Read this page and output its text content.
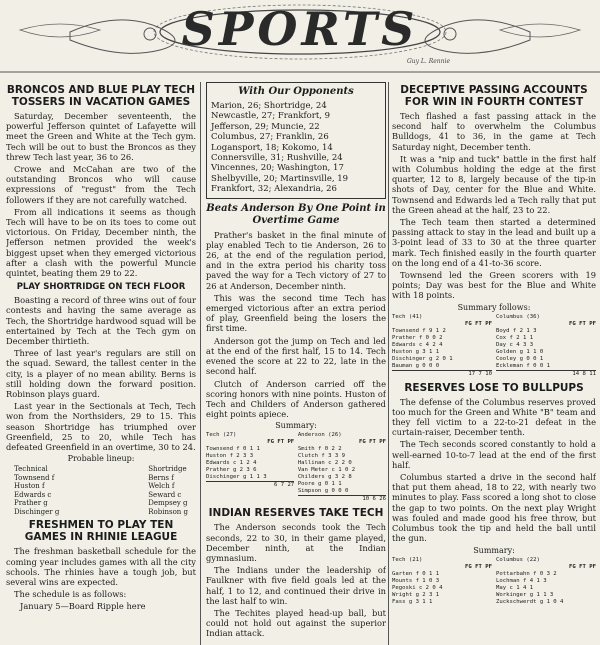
SPORTS
Guy L. Rennie
BRONCOS AND BLUE PLAY TECH TOSSERS IN VACATION GAMES

Saturday, December seventeenth, the powerful Jefferson quintet of Lafayette will meet the Green and White at the Tech gym. Tech will be out to bust the Broncos as they threw Tech last year, 36 to 26.

Crowe and McCahan are two of the outstanding Broncos who will cause expressions of "regust" from the Tech followers if they are not carefully watched.

From all indications it seems as though Tech will have to be on its toes to come out victorious. On Friday, December ninth, the Jefferson netmen provided the week's biggest upset when they emerged victorious after a clash with the powerful Muncie quintet, beating them 29 to 22.

PLAY SHORTRIDGE ON TECH FLOOR

Boasting a record of three wins out of four contests and having the same average as Tech, the Shortridge hardwood squad will be entertained by Tech at the Tech gym on December thirtieth.

Three of last year's regulars are still on the squad. Seward, the tallest center in the city, is a player of no mean ability. Berns is still holding down the forward position. Robinson plays guard.

Last year in the Sectionals at Tech, Tech won from the Northsiders, 29 to 15. This season Shortridge has triumphed over Greenfield, 25 to 20, while Tech has defeated Greenfield in an overtime, 30 to 24.

Probable lineup:
Technical
Townsend f
Huston f
Edwards c
Prather g
Dischinger g
Shortridge
Berns f
Welch f
Seward c
Dempsey g
Robinson g
FRESHMEN TO PLAY TEN GAMES IN RHINIE LEAGUE

The freshman basketball schedule for the coming year includes games with all the city schools. The rhinies have a tough job, but several wins are expected.

The schedule is as follows:

January 5—Board Ripple here
With Our Opponents
Marion, 26; Shortridge, 24
Newcastle, 27; Frankfort, 9
Jefferson, 29; Muncie, 22
Columbus, 27; Franklin, 26
Logansport, 18; Kokomo, 14
Connersville, 31; Rushville, 24
Vincennes, 20; Washington, 17
Shelbyville, 20; Martinsville, 19
Frankfort, 32; Alexandria, 26
Beats Anderson By One Point in Overtime Game

Prather's basket in the final minute of play enabled Tech to tie Anderson, 26 to 26, at the end of the regulation period, and in the extra period his charity toss paved the way for a Tech victory of 27 to 26 at Anderson, December ninth.

This was the second time Tech has emerged victorious after an extra period of play, Greenfield being the losers the first time.

Anderson got the jump on Tech and led at the end of the first half, 15 to 14. Tech evened the score at 22 to 22, late in the second half.

Clutch of Anderson carried off the scoring honors with nine points. Huston of Tech and Childers of Anderson gathered eight points apiece.

Summary:
Tech (27)
FG FT PF
Townsend f 0 1 1
Huston f 2 3 3
Edwards c 1 2 4
Prather g 2 3 6
Dischinger g 1 1 3
6 7 27
Anderson (26)
FG FT PF
Smith f 0 2 2
Clutch f 3 3 9
Hallinan c 2 2 0
Van Meter c 1 0 2
Childers g 3 2 8
Poore g 0 1 1
Simpson g 0 0 0
10 6 26
INDIAN RESERVES TAKE TECH

The Anderson seconds took the Tech seconds, 22 to 30, in their game played, December ninth, at the Indian gymnasium.

The Indians under the leadership of Faulkner with five field goals led at the half, 1 to 12, and continued their drive in the last half to win.

The Techites played head-up ball, but could not hold out against the superior Indian attack.

DECEPTIVE PASSING ACCOUNTS FOR WIN IN FOURTH CONTEST

Tech flashed a fast passing attack in the second half to overwhelm the Columbus Bulldogs, 41 to 36, in the game at Tech Saturday night, December tenth.

It was a "nip and tuck" battle in the first half with Columbus holding the edge at the first quarter, 12 to 8, largely because of the tip-in shots of Day, center for the Blue and White. Townsend and Edwards led a Tech rally that put the Green ahead at the half, 23 to 22.

The Tech team then started a determined passing attack to stay in the lead and built up a 3-point lead of 33 to 30 at the three quarter mark. Tech finished easily in the fourth quarter on the long end of a 41-to-36 score.

Townsend led the Green scorers with 19 points; Day was best for the Blue and White with 18 points.

Summary follows:
Tech (41)
FG FT PF
Townsend f 9 1 2
Prather f 0 0 2
Edwards c 4 2 4
Huston g 3 1 1
Dischinger g 2 0 1
Bauman g 0 0 0
17 7 10
Columbus (36)
FG FT PF
Boyd f 2 1 3
Cox f 2 1 1
Day c 4 3 3
Golden g 1 1 0
Cooley g 0 0 1
Eckleman f 0 0 1
14 8 11
RESERVES LOSE TO BULLPUPS

The defense of the Columbus reserves proved too much for the Green and White "B" team and they fell victim to a 22-to-21 defeat in the curtain-raiser, December tenth.

The Tech seconds scored constantly to hold a well-earned 10-to-7 lead at the end of the first half.

Columbus started a drive in the second half that put them ahead, 18 to 22, with nearly two minutes to play. Fass scored a long shot to close the gap to two points. On the next play Wright was fouled and made good his free throw, but Columbus took the tip and held the ball until the gun.

Summary:
Tech (21)
FG FT PF
Garten f 0 1 1
Mounts f 1 0 3
Pegoski c 2 0 4
Wright g 2 3 1
Fass g 3 1 1
Columbus (22)
FG FT PF
Pottarbahn f 0 3 2
Lochman f 4 1 3
May c 1 4 1
Workinger g 1 1 3
Zuckschwerdt g 1 0 4
